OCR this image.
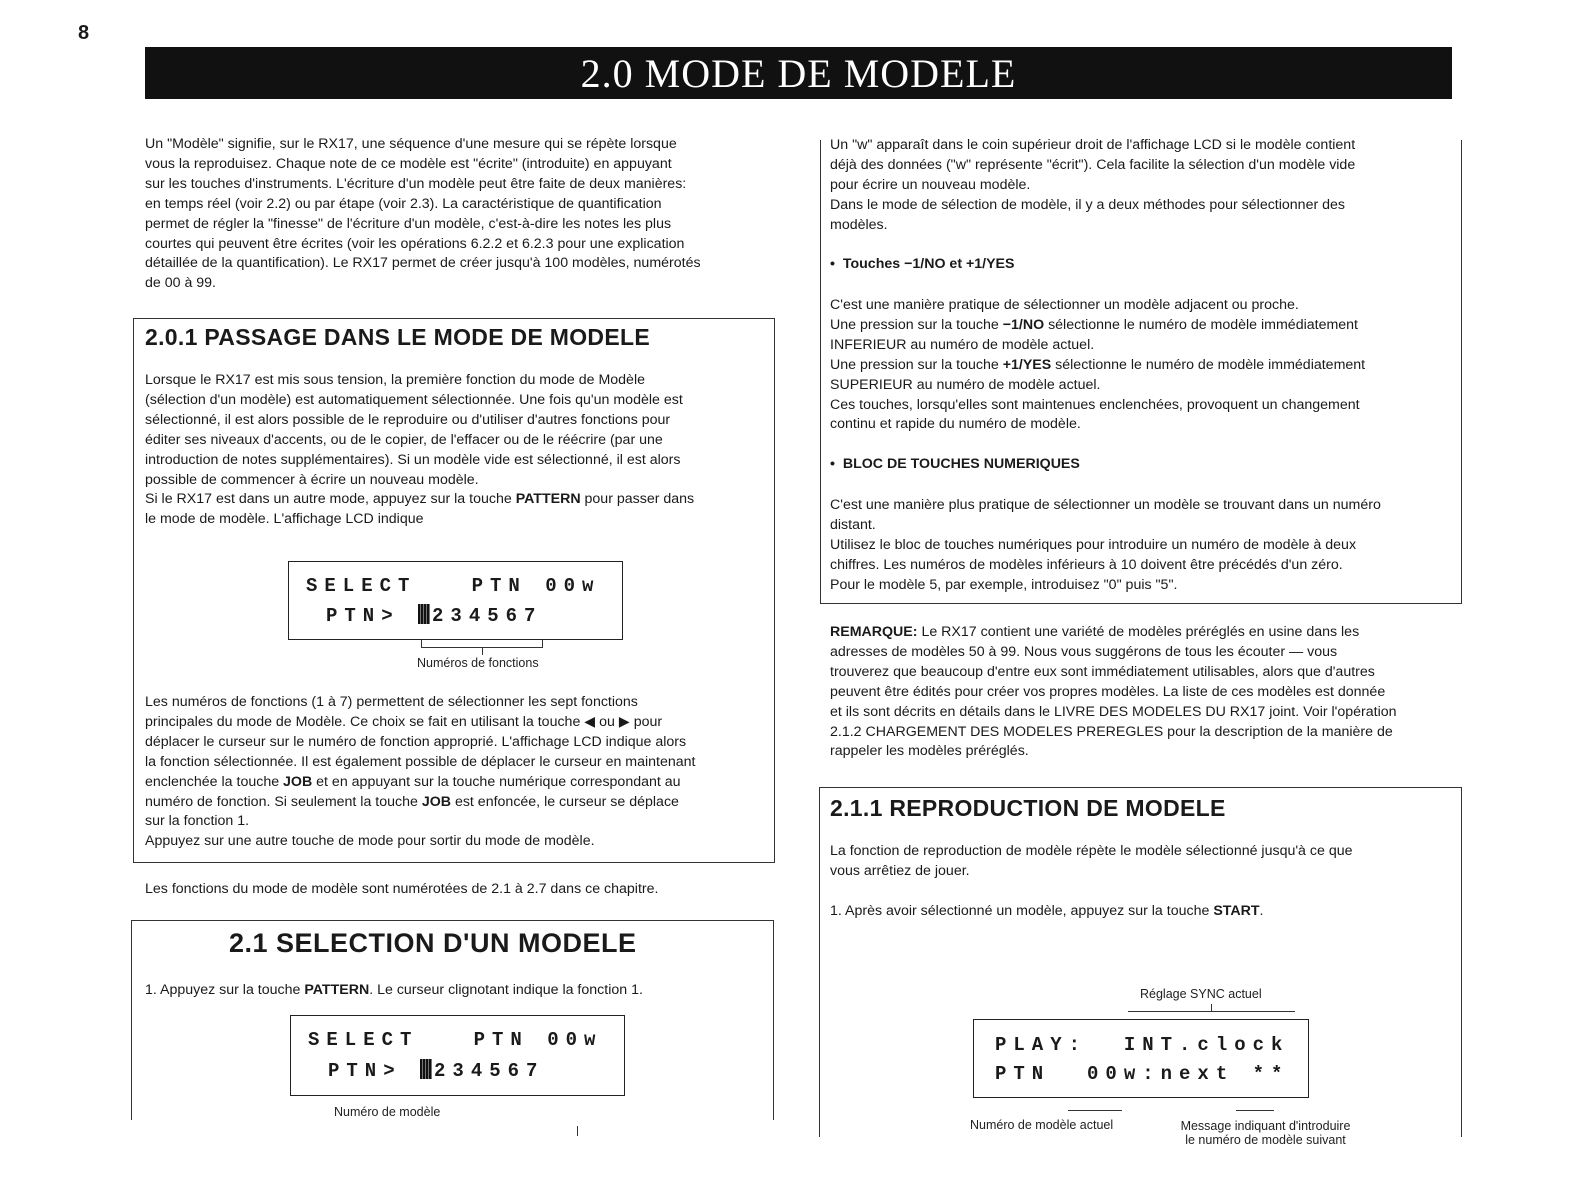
8
2.0 MODE DE MODELE
Un "Modèle" signifie, sur le RX17, une séquence d'une mesure qui se répète lorsque
vous la reproduisez. Chaque note de ce modèle est "écrite" (introduite) en appuyant
sur les touches d'instruments. L'écriture d'un modèle peut être faite de deux manières:
en temps réel (voir 2.2) ou par étape (voir 2.3). La caractéristique de quantification
permet de régler la "finesse" de l'écriture d'un modèle, c'est-à-dire les notes les plus
courtes qui peuvent être écrites (voir les opérations 6.2.2 et 6.2.3 pour une explication
détaillée de la quantification). Le RX17 permet de créer jusqu'à 100 modèles, numérotés
de 00 à 99.
2.0.1 PASSAGE DANS LE MODE DE MODELE
Lorsque le RX17 est mis sous tension, la première fonction du mode de Modèle
(sélection d'un modèle) est automatiquement sélectionnée. Une fois qu'un modèle est
sélectionné, il est alors possible de le reproduire ou d'utiliser d'autres fonctions pour
éditer ses niveaux d'accents, ou de le copier, de l'effacer ou de le réécrire (par une
introduction de notes supplémentaires). Si un modèle vide est sélectionné, il est alors
possible de commencer à écrire un nouveau modèle.
Si le RX17 est dans un autre mode, appuyez sur la touche PATTERN pour passer dans
le mode de modèle. L'affichage LCD indique
SELECT   PTN 00w
PTN> 234567
Numéros de fonctions
Les numéros de fonctions (1 à 7) permettent de sélectionner les sept fonctions
principales du mode de Modèle. Ce choix se fait en utilisant la touche ◀ ou ▶ pour
déplacer le curseur sur le numéro de fonction approprié. L'affichage LCD indique alors
la fonction sélectionnée. Il est également possible de déplacer le curseur en maintenant
enclenchée la touche JOB et en appuyant sur la touche numérique correspondant au
numéro de fonction. Si seulement la touche JOB est enfoncée, le curseur se déplace
sur la fonction 1.
Appuyez sur une autre touche de mode pour sortir du mode de modèle.
Les fonctions du mode de modèle sont numérotées de 2.1 à 2.7 dans ce chapitre.
2.1 SELECTION D'UN MODELE
1. Appuyez sur la touche PATTERN. Le curseur clignotant indique la fonction 1.
SELECT   PTN 00w
PTN> 234567
Numéro de modèle
Un "w" apparaît dans le coin supérieur droit de l'affichage LCD si le modèle contient
déjà des données ("w" représente "écrit"). Cela facilite la sélection d'un modèle vide
pour écrire un nouveau modèle.
Dans le mode de sélection de modèle, il y a deux méthodes pour sélectionner des
modèles.
•  Touches −1/NO et +1/YES
C'est une manière pratique de sélectionner un modèle adjacent ou proche.
Une pression sur la touche −1/NO sélectionne le numéro de modèle immédiatement
INFERIEUR au numéro de modèle actuel.
Une pression sur la touche +1/YES sélectionne le numéro de modèle immédiatement
SUPERIEUR au numéro de modèle actuel.
Ces touches, lorsqu'elles sont maintenues enclenchées, provoquent un changement
continu et rapide du numéro de modèle.
•  BLOC DE TOUCHES NUMERIQUES
C'est une manière plus pratique de sélectionner un modèle se trouvant dans un numéro
distant.
Utilisez le bloc de touches numériques pour introduire un numéro de modèle à deux
chiffres. Les numéros de modèles inférieurs à 10 doivent être précédés d'un zéro.
Pour le modèle 5, par exemple, introduisez "0" puis "5".
REMARQUE: Le RX17 contient une variété de modèles préréglés en usine dans les
adresses de modèles 50 à 99. Nous vous suggérons de tous les écouter — vous
trouverez que beaucoup d'entre eux sont immédiatement utilisables, alors que d'autres
peuvent être édités pour créer vos propres modèles. La liste de ces modèles est donnée
et ils sont décrits en détails dans le LIVRE DES MODELES DU RX17 joint. Voir l'opération
2.1.2 CHARGEMENT DES MODELES PREREGLES pour la description de la manière de
rappeler les modèles préréglés.
2.1.1 REPRODUCTION DE MODELE
La fonction de reproduction de modèle répète le modèle sélectionné jusqu'à ce que
vous arrêtiez de jouer.
1. Après avoir sélectionné un modèle, appuyez sur la touche START.
Réglage SYNC actuel
PLAY:  INT.clock
PTN  00w:next **
Numéro de modèle actuel	Message indiquant d'introduire
le numéro de modèle suivant
